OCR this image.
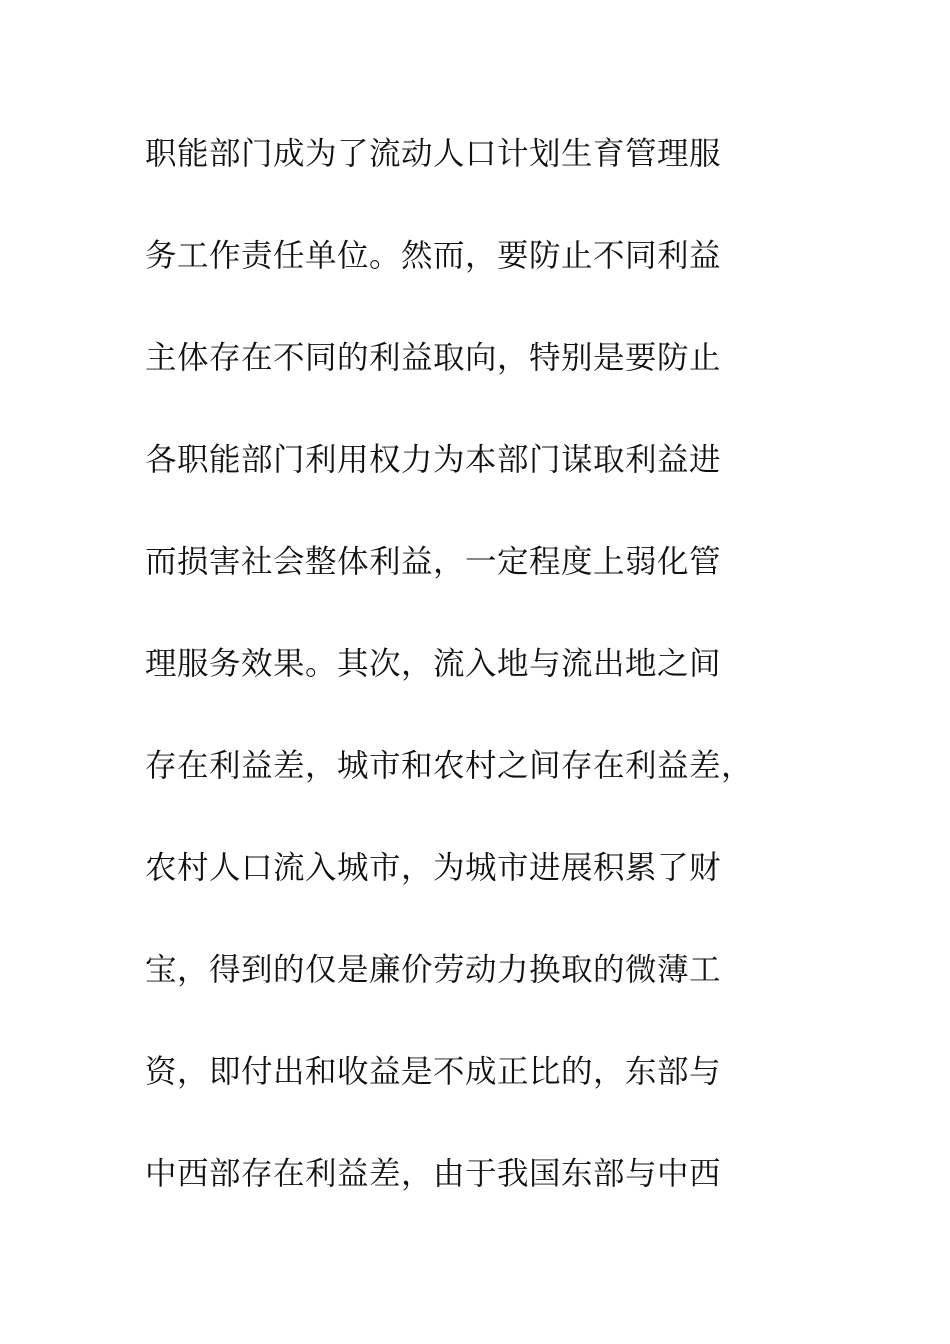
职能部门成为了流动人口计划生育管理服
务工作责任单位。然而，要防止不同利益
主体存在不同的利益取向，特别是要防止
各职能部门利用权力为本部门谋取利益进
而损害社会整体利益，一定程度上弱化管
理服务效果。其次，流入地与流出地之间
存在利益差，城市和农村之间存在利益差，
农村人口流入城市，为城市进展积累了财
宝，得到的仅是廉价劳动力换取的微薄工
资，即付出和收益是不成正比的，东部与
中西部存在利益差，由于我国东部与中西
